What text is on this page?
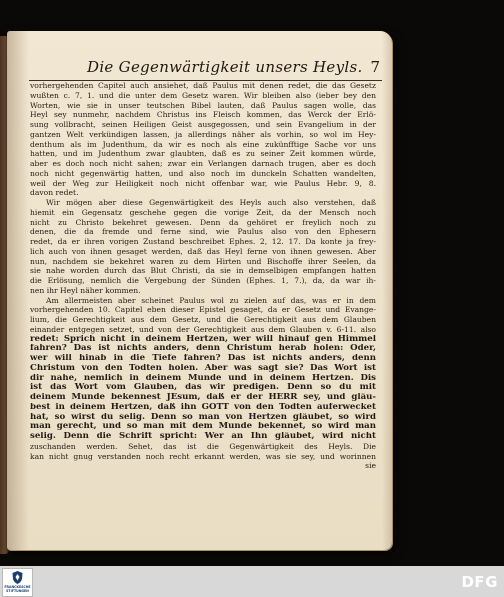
Die Gegenwärtigkeit unsers Heyls. 7
vorhergehenden Capitel auch ansiehet, daß Paulus mit denen redet, die das Gesetz
wußten c. 7, 1. und die unter dem Gesetz waren. Wir bleiben also (ieber bey den
Worten, wie sie in unser teutschen Bibel lauten, daß Paulus sagen wolle, das
Heyl sey nunmehr, nachdem Christus ins Fleisch kommen, das Werck der Erlö-
sung vollbracht, seinen Heiligen Geist ausgegossen, und sein Evangelium in der
gantzen Welt verkündigen lassen, ja allerdings näher als vorhin, so wol im Hey-
denthum als im Judenthum, da wir es noch als eine zukünfftige Sache vor uns
hatten, und im Judenthum zwar glaubten, daß es zu seiner Zeit kommen würde,
aber es doch noch nicht sahen; zwar ein Verlangen darnach trugen, aber es doch
noch nicht gegenwärtig hatten, und also noch im dunckeln Schatten wandelten,
weil der Weg zur Heiligkeit noch nicht offenbar war, wie Paulus Hebr. 9, 8.
davon redet.
Wir mögen aber diese Gegenwärtigkeit des Heyls auch also verstehen, daß
hiemit ein Gegensatz geschehe gegen die vorige Zeit, da der Mensch noch
nicht zu Christo bekehret gewesen. Denn da gehöret er freylich noch zu
denen, die da fremde und ferne sind, wie Paulus also von den Ephesern
redet, da er ihren vorigen Zustand beschreibet Ephes. 2, 12. 17. Da konte ja frey-
lich auch von ihnen gesaget werden, daß das Heyl ferne von ihnen gewesen. Aber
nun, nachdem sie bekehret waren zu dem Hirten und Bischoffe ihrer Seelen, da
sie nahe worden durch das Blut Christi, da sie in demselbigen empfangen hatten
die Erlösung, nemlich die Vergebung der Sünden (Ephes. 1, 7.), da, da war ih-
nen ihr Heyl näher kommen.
Am allermeisten aber scheinet Paulus wol zu zielen auf das, was er in dem
vorhergehenden 10. Capitel eben dieser Epistel gesaget, da er Gesetz und Evange-
lium, die Gerechtigkeit aus dem Gesetz, und die Gerechtigkeit aus dem Glauben
einander entgegen setzet, und von der Gerechtigkeit aus dem Glauben v. 6-11. also
redet: Sprich nicht in deinem Hertzen, wer will hinauf gen Himmel
fahren? Das ist nichts anders, denn Christum herab holen: Oder,
wer will hinab in die Tiefe fahren? Das ist nichts anders, denn
Christum von den Todten holen. Aber was sagt sie? Das Wort ist
dir nahe, nemlich in deinem Munde und in deinem Hertzen. Dis
ist das Wort vom Glauben, das wir predigen. Denn so du mit
deinem Munde bekennest JEsum, daß er der HERR sey, und gläu-
best in deinem Hertzen, daß ihn GOTT von den Todten auferwecket
hat, so wirst du selig. Denn so man von Hertzen gläubet, so wird
man gerecht, und so man mit dem Munde bekennet, so wird man
selig. Denn die Schrift spricht: Wer an Ihn gläubet, wird nicht
zuschanden werden. Sehet, das ist die Gegenwärtigkeit des Heyls. Die
kan nicht gnug verstanden noch recht erkannt werden, was sie sey, und worinnen
sie
FRANCKESCHE STIFTUNGEN	DFG
